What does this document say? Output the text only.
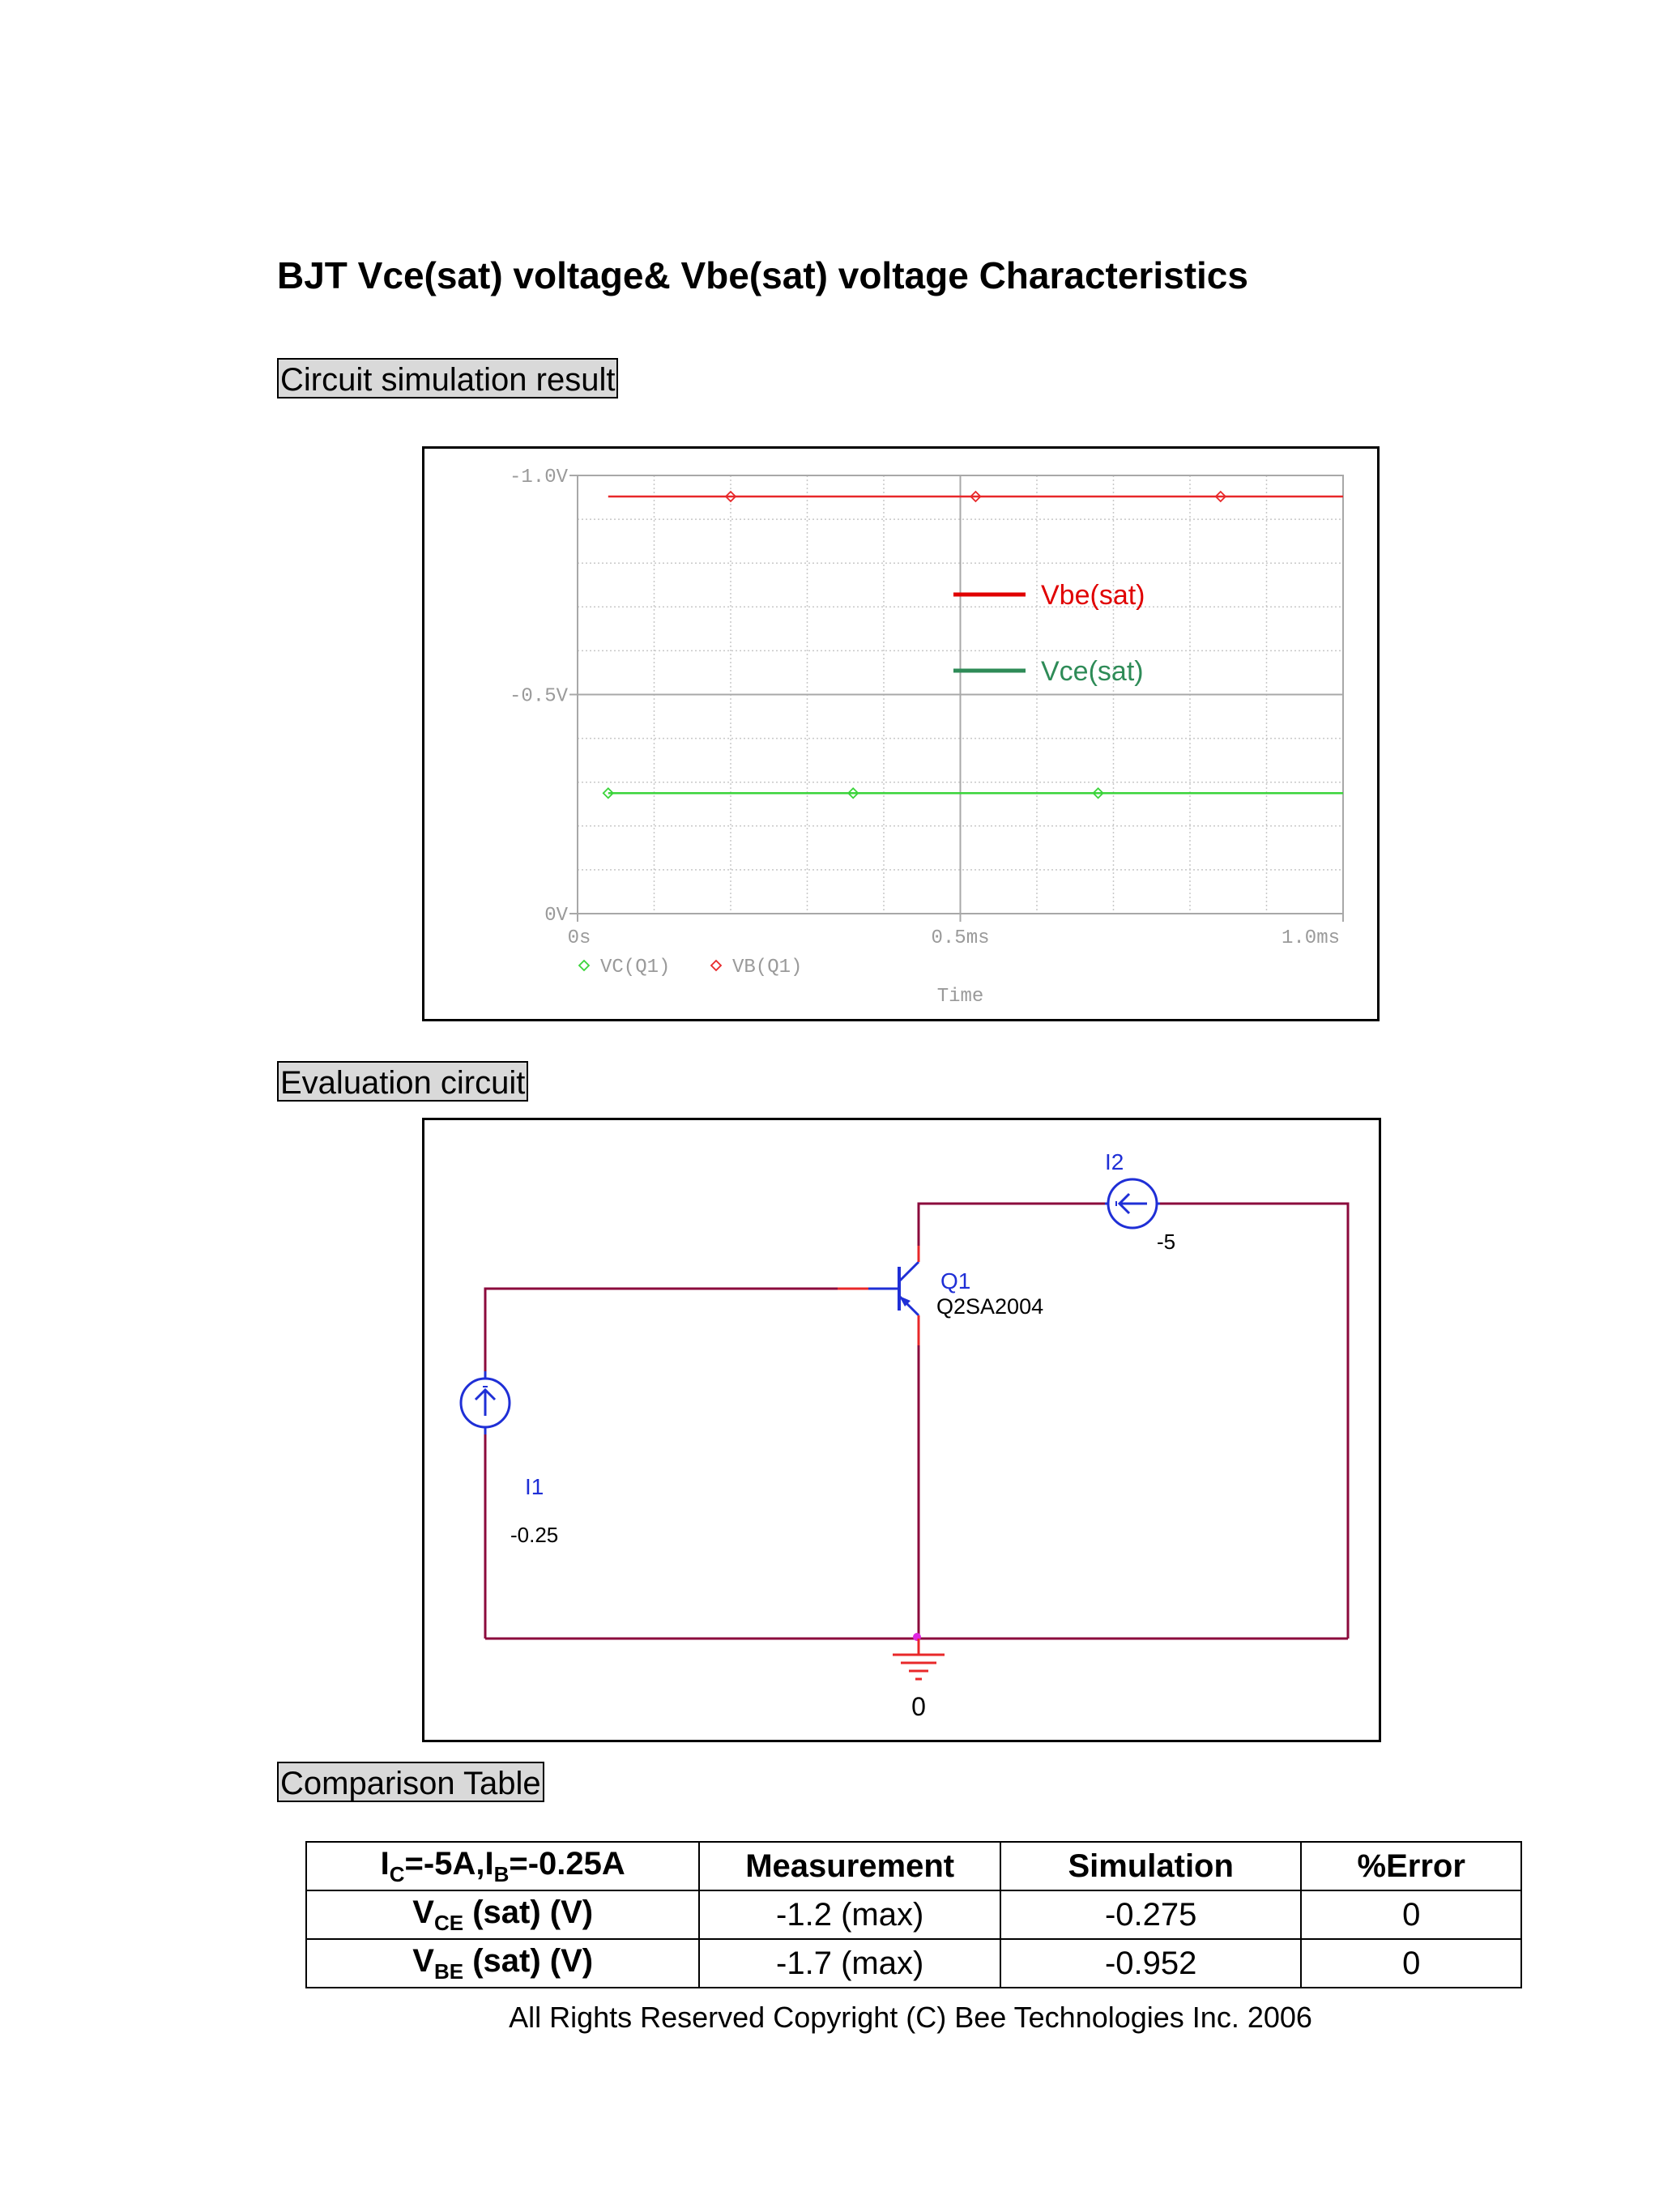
BJT Vce(sat) voltage& Vbe(sat) voltage Characteristics
Circuit simulation result
-1.0V
-0.5V
0V
0s	0.5ms	1.0ms
Time
VC(Q1)	VB(Q1)
Vbe(sat)
Vce(sat)
Evaluation circuit
I1
-0.25
I2
-5
Q1
Q2SA2004
0
Comparison Table
$I_C=-5A,I_B=-0.25A$	Measurement	Simulation	%Error
$V_{CE}$ (sat) (V)	-1.2 (max)	-0.275	0
$V_{BE}$ (sat) (V)	-1.7 (max)	-0.952	0
All Rights Reserved Copyright (C) Bee Technologies Inc. 2006
